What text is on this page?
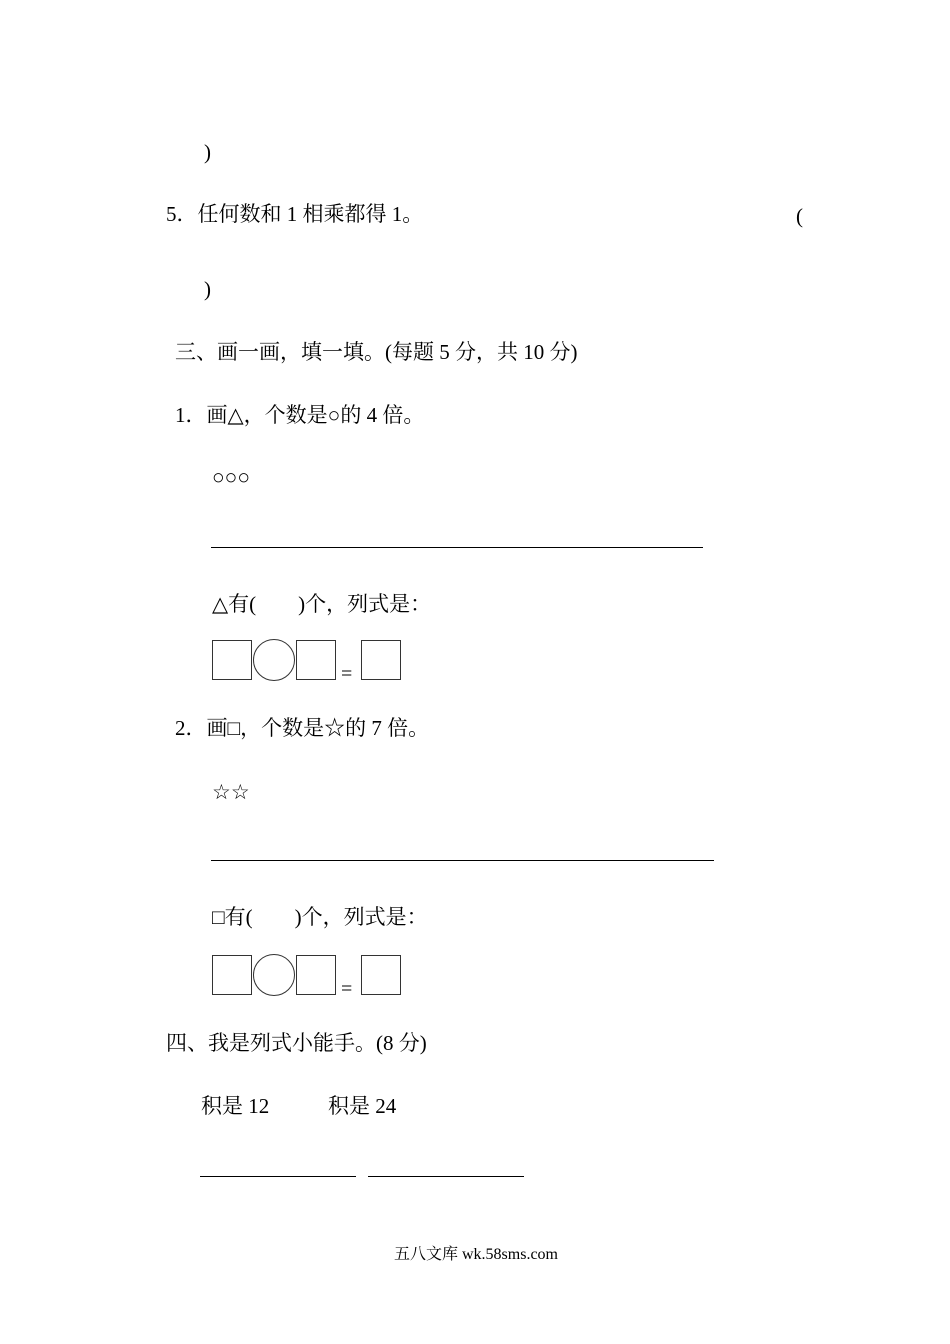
)
5．任何数和 1 相乘都得 1。	(
)
三、画一画，填一填。(每题 5 分，共 10 分)
1．画△，个数是○的 4 倍。
○○○
△有(        )个，列式是：
=
2．画□，个数是☆的 7 倍。
☆☆
□有(        )个，列式是：
=
四、我是列式小能手。(8 分)
积是 12	积是 24
五八文库 wk.58sms.com
